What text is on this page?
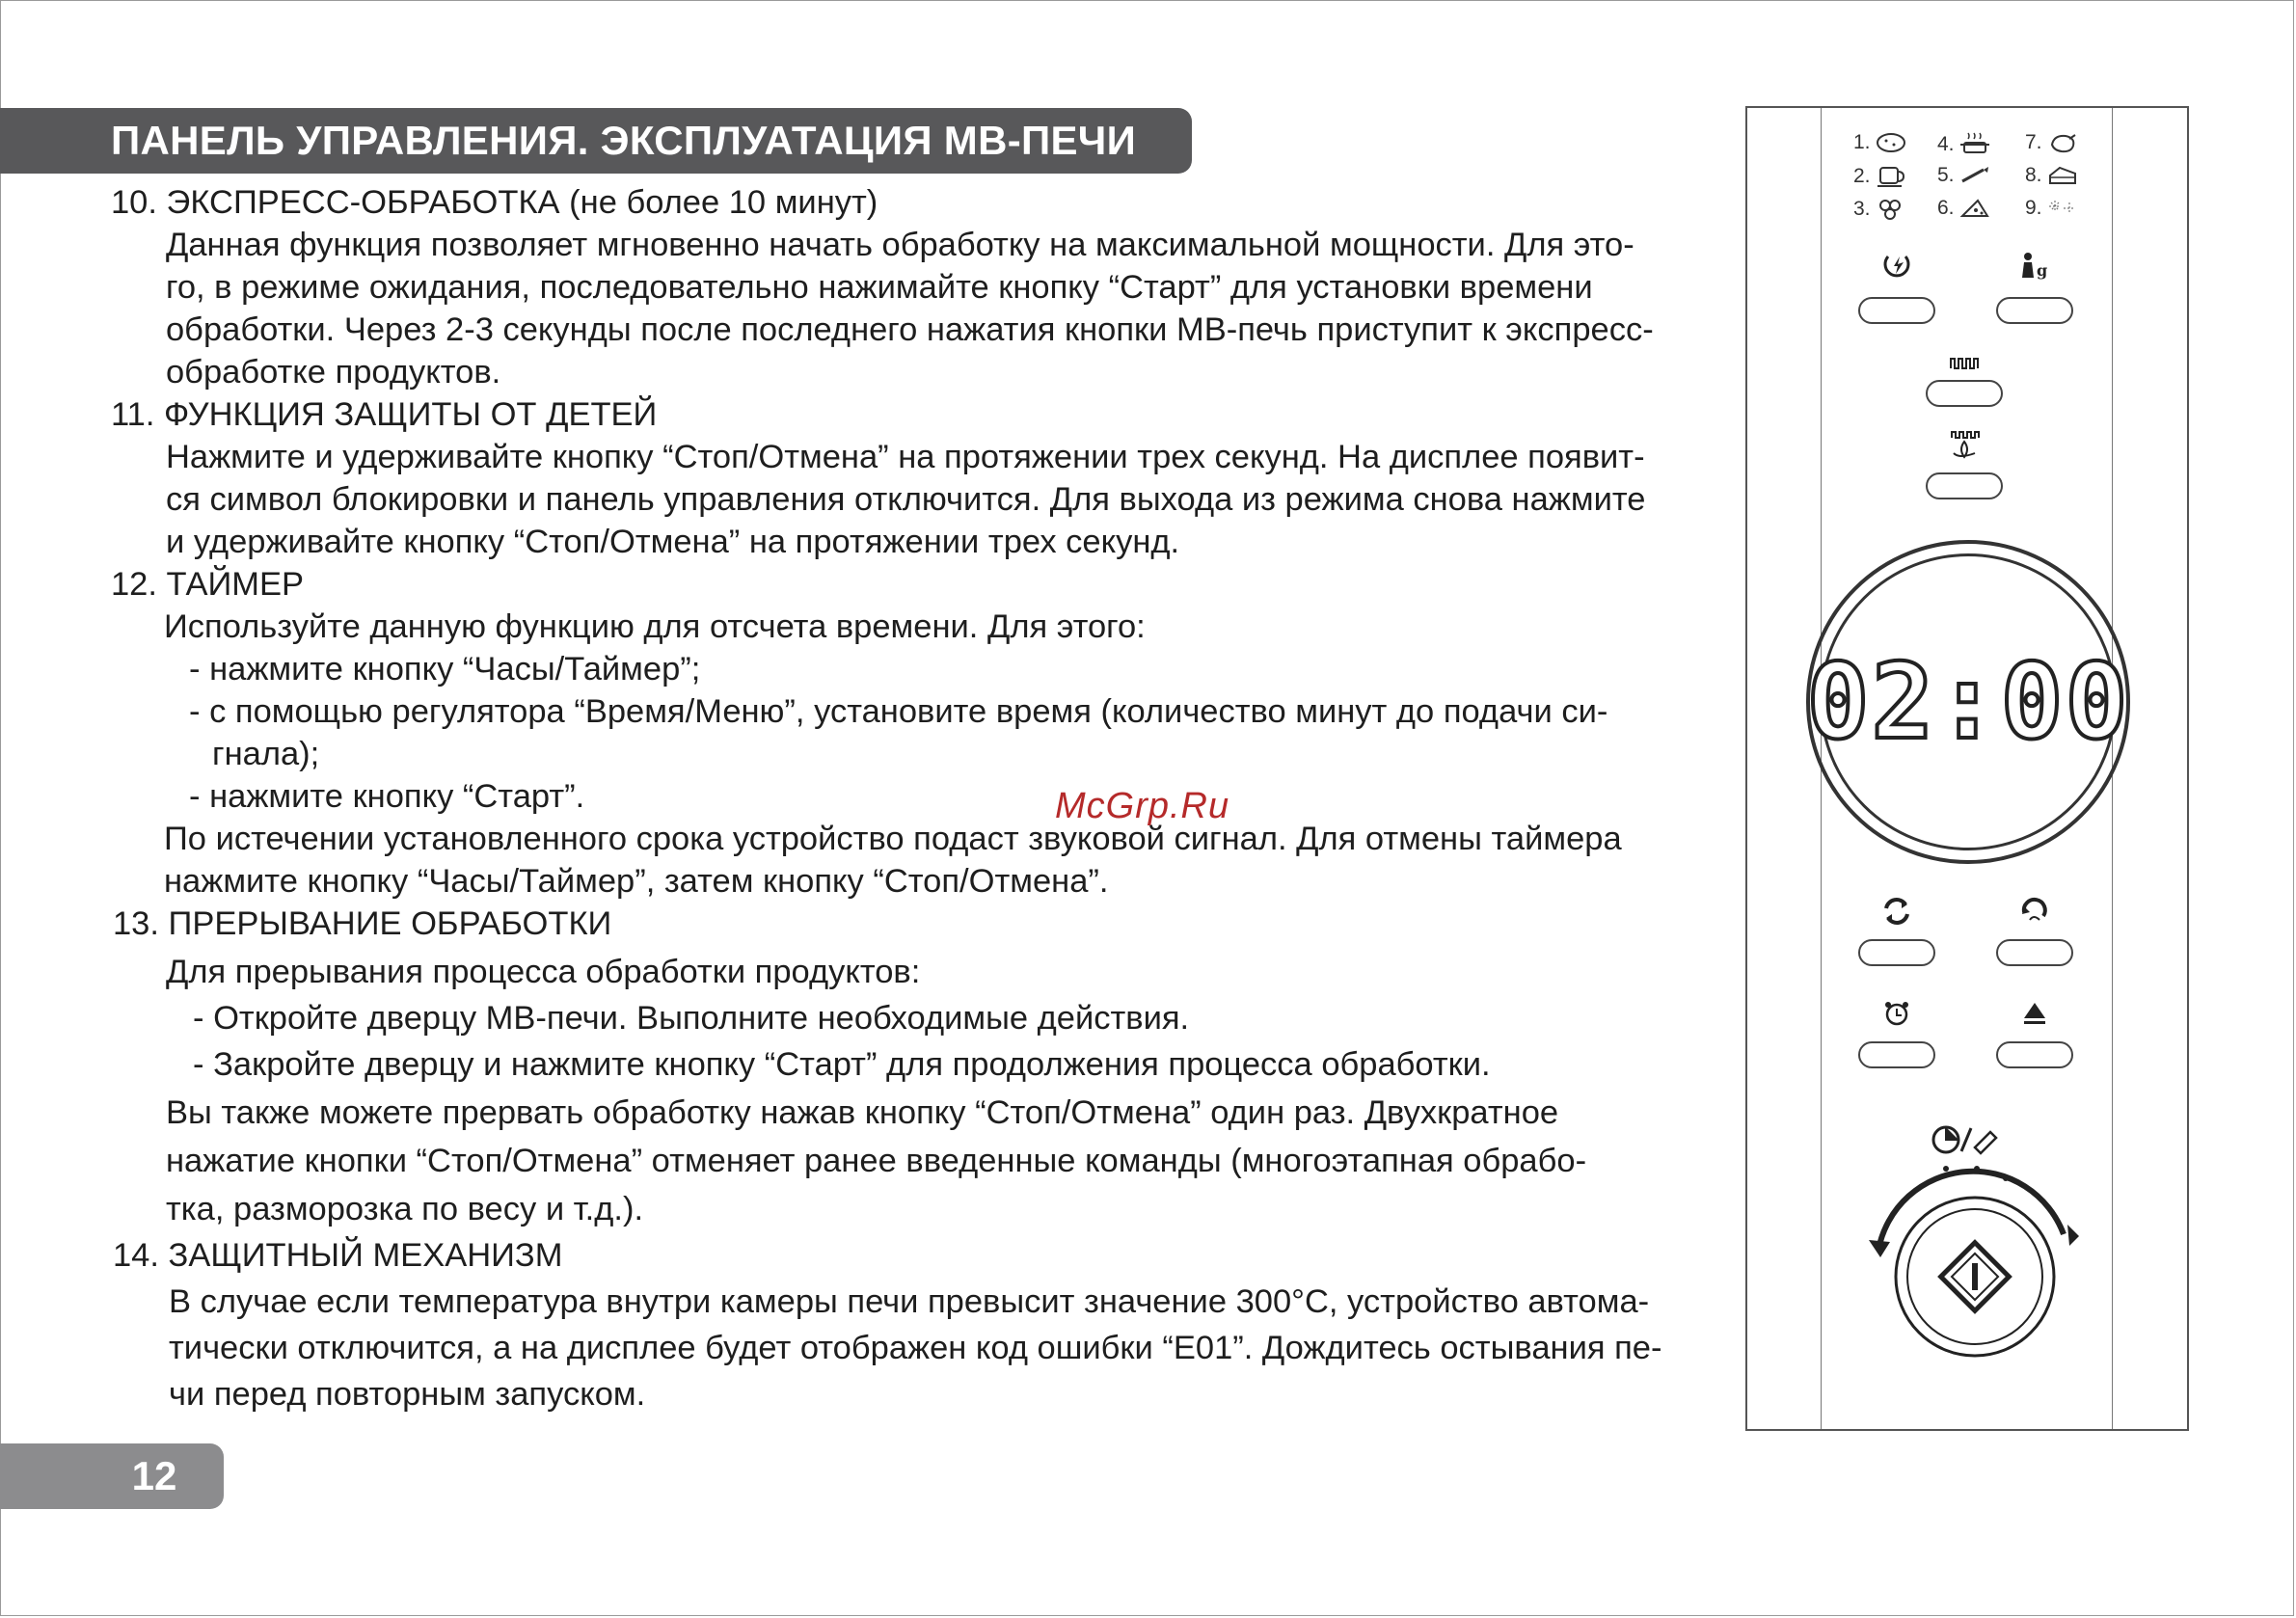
ПАНЕЛЬ УПРАВЛЕНИЯ. ЭКСПЛУАТАЦИЯ МВ-ПЕЧИ
10. ЭКСПРЕСС-ОБРАБОТКА (не более 10 минут)
Данная функция позволяет мгновенно начать обработку на максимальной мощности. Для это-
го, в режиме ожидания, последовательно нажимайте кнопку “Старт” для установки времени
обработки. Через 2-3 секунды после последнего нажатия кнопки МВ-печь приступит к экспресс-
обработке продуктов.
11. ФУНКЦИЯ ЗАЩИТЫ ОТ ДЕТЕЙ
Нажмите и удерживайте кнопку “Стоп/Отмена” на протяжении трех секунд. На дисплее появит-
ся символ блокировки и панель управления отключится. Для выхода из режима снова нажмите
и удерживайте кнопку “Стоп/Отмена” на протяжении трех секунд.
12. ТАЙМЕР
Используйте данную функцию для отсчета времени. Для этого:
- нажмите кнопку “Часы/Таймер”;
- с помощью регулятора “Время/Меню”, установите время (количество минут до подачи си-
гнала);
- нажмите кнопку “Старт”.
По истечении установленного срока устройство подаст звуковой сигнал. Для отмены таймера
нажмите кнопку “Часы/Таймер”, затем кнопку “Стоп/Отмена”.
13. ПРЕРЫВАНИЕ ОБРАБОТКИ
Для прерывания процесса обработки продуктов:
- Откройте дверцу МВ-печи. Выполните необходимые действия.
- Закройте дверцу и нажмите кнопку “Старт” для продолжения процесса обработки.
Вы также можете прервать обработку нажав кнопку “Стоп/Отмена” один раз. Двухкратное
нажатие кнопки “Стоп/Отмена” отменяет ранее введенные команды (многоэтапная обрабо-
тка, разморозка по весу и т.д.).
14. ЗАЩИТНЫЙ МЕХАНИЗМ
В случае если температура внутри камеры печи превысит значение 300°С, устройство автома-
тически отключится, а на дисплее будет отображен код ошибки “Е01”. Дождитесь остывания пе-
чи перед повторным запуском.
McGrp.Ru
12
1.	4.	7.
2.	5.	8.
3.	6.	9.
g
02:00
